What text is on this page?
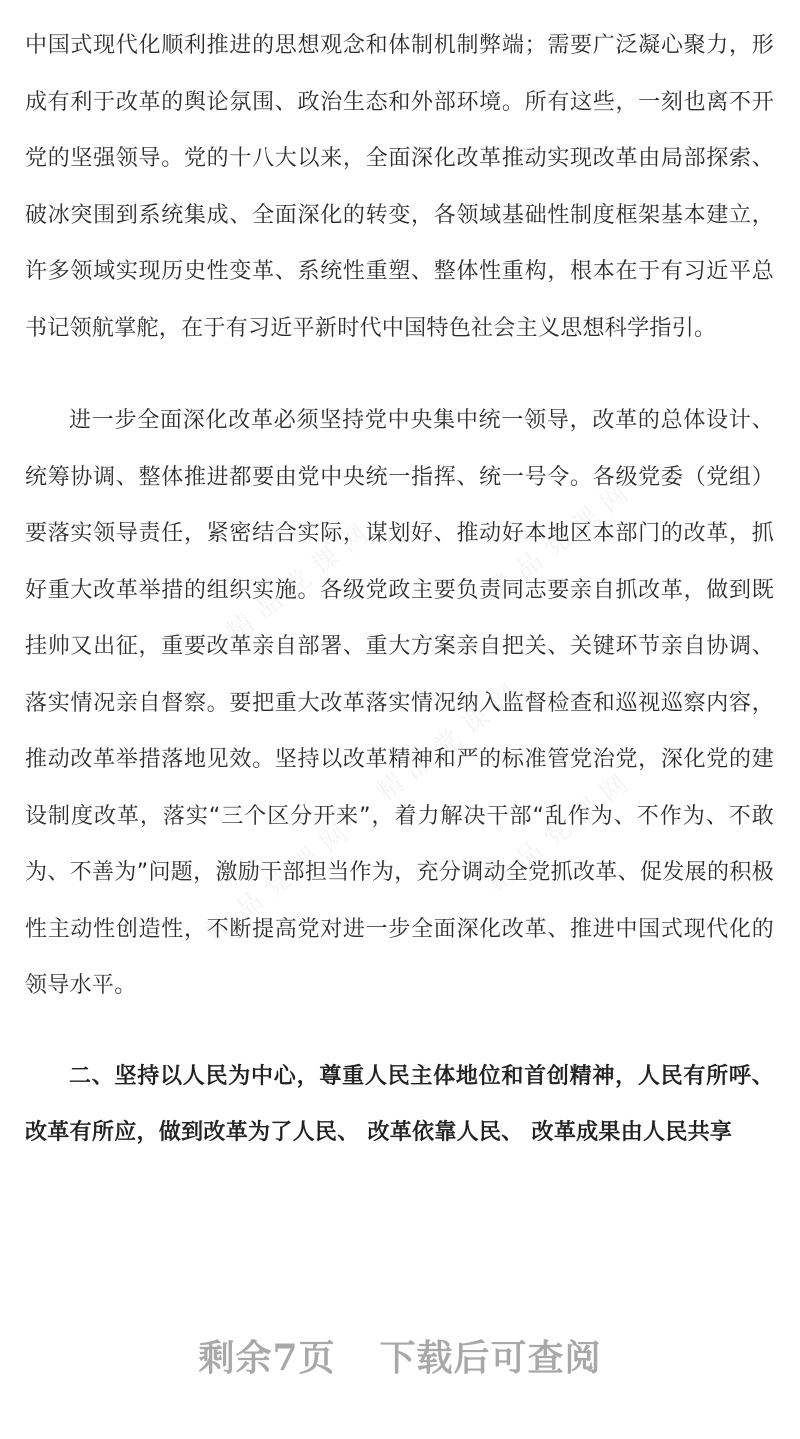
中国式现代化顺利推进的思想观念和体制机制弊端；需要广泛凝心聚力，形成有利于改革的舆论氛围、政治生态和外部环境。所有这些，一刻也离不开党的坚强领导。党的十八大以来，全面深化改革推动实现改革由局部探索、破冰突围到系统集成、全面深化的转变，各领域基础性制度框架基本建立，许多领域实现历史性变革、系统性重塑、整体性重构，根本在于有习近平总书记领航掌舵，在于有习近平新时代中国特色社会主义思想科学指引。

进一步全面深化改革必须坚持党中央集中统一领导，改革的总体设计、统筹协调、整体推进都要由党中央统一指挥、统一号令。各级党委（党组）要落实领导责任，紧密结合实际，谋划好、推动好本地区本部门的改革，抓好重大改革举措的组织实施。各级党政主要负责同志要亲自抓改革，做到既挂帅又出征，重要改革亲自部署、重大方案亲自把关、关键环节亲自协调、落实情况亲自督察。要把重大改革落实情况纳入监督检查和巡视巡察内容，推动改革举措落地见效。坚持以改革精神和严的标准管党治党，深化党的建设制度改革，落实“三个区分开来”，着力解决干部“乱作为、不作为、不敢为、不善为”问题，激励干部担当作为，充分调动全党抓改革、促发展的积极性主动性创造性，不断提高党对进一步全面深化改革、推进中国式现代化的领导水平。

二、坚持以人民为中心，尊重人民主体地位和首创精神，人民有所呼、改革有所应，做到改革为了人民、 改革依靠人民、 改革成果由人民共享

剩余7页 下载后可查阅
